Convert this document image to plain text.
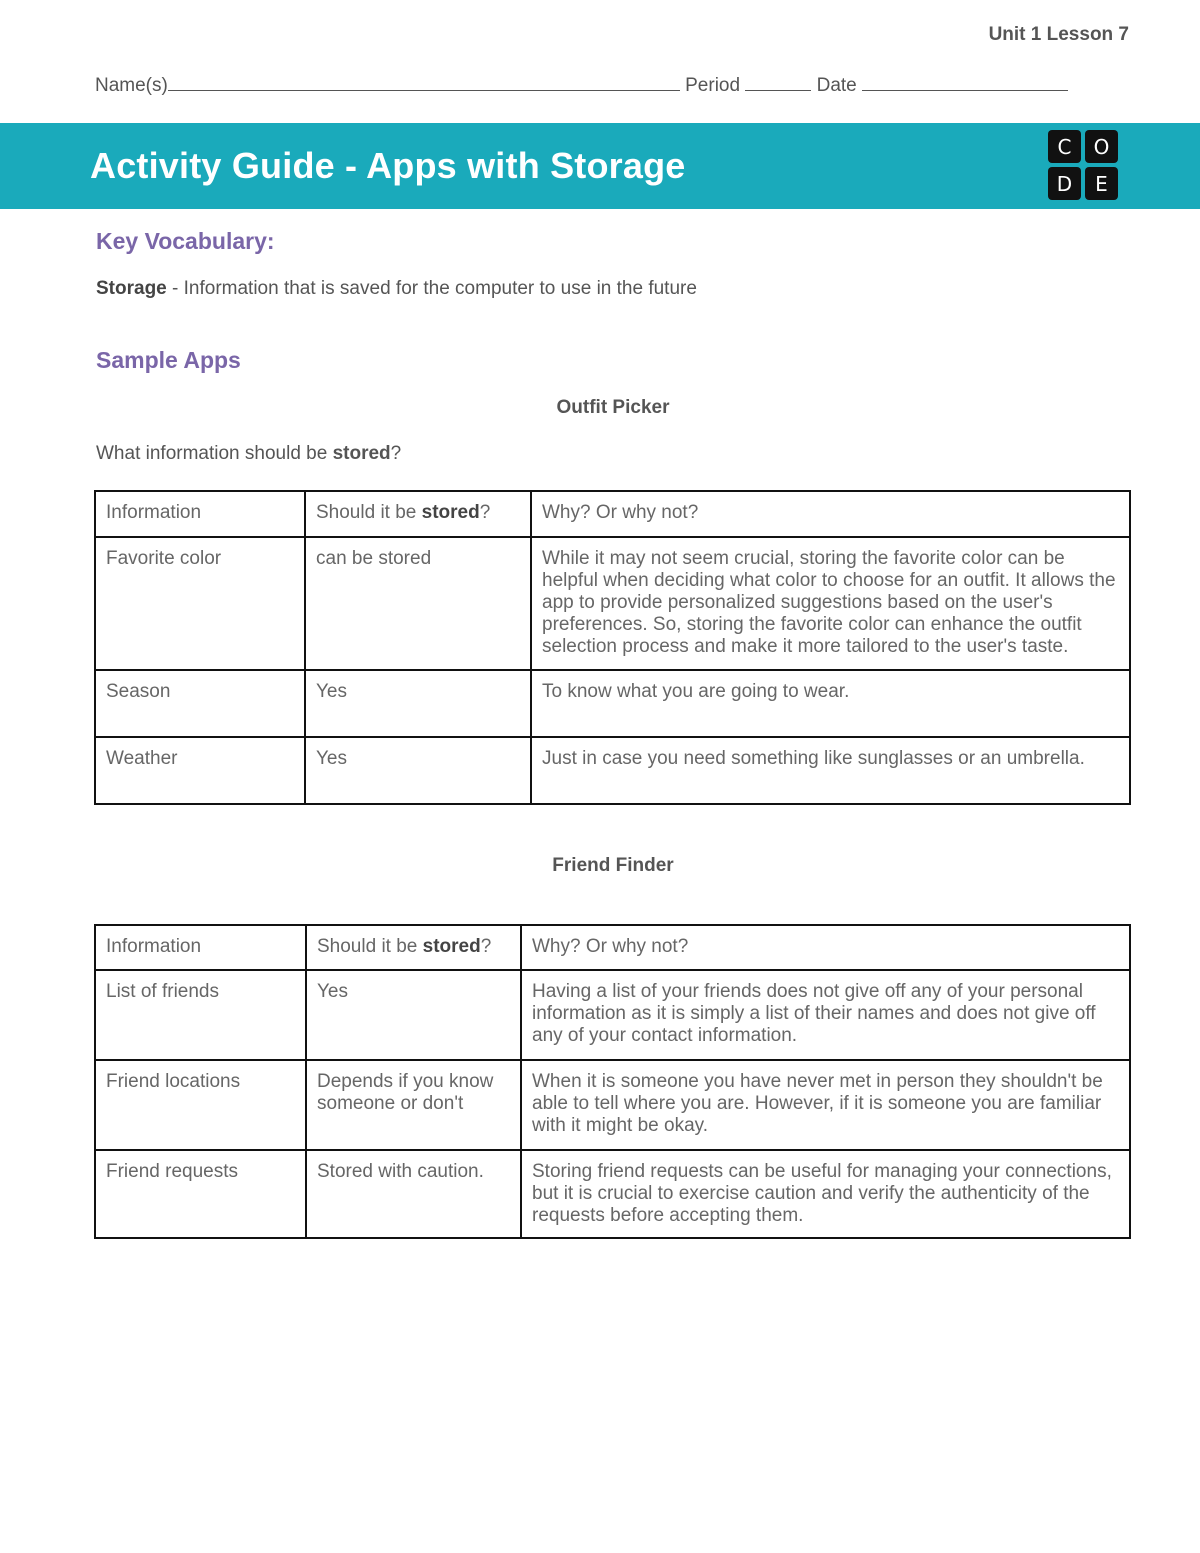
Unit 1 Lesson 7
Name(s)	Period	Date
Activity Guide - Apps with Storage	C	O
D	E
Key Vocabulary:
Storage - Information that is saved for the computer to use in the future
Sample Apps
Outfit Picker
What information should be stored?
Information	Should it be stored?	Why? Or why not?
Favorite color	can be stored	While it may not seem crucial, storing the favorite color can be helpful when deciding what color to choose for an outfit. It allows the app to provide personalized suggestions based on the user's preferences. So, storing the favorite color can enhance the outfit selection process and make it more tailored to the user's taste.
Season	Yes	To know what you are going to wear.
Weather	Yes	Just in case you need something like sunglasses or an umbrella.
Friend Finder
Information	Should it be stored?	Why? Or why not?
List of friends	Yes	Having a list of your friends does not give off any of your personal information as it is simply a list of their names and does not give off any of your contact information.
Friend locations	Depends if you know someone or don't	When it is someone you have never met in person they shouldn't be able to tell where you are. However, if it is someone you are familiar with it might be okay.
Friend requests	Stored with caution.	Storing friend requests can be useful for managing your connections, but it is crucial to exercise caution and verify the authenticity of the requests before accepting them.
